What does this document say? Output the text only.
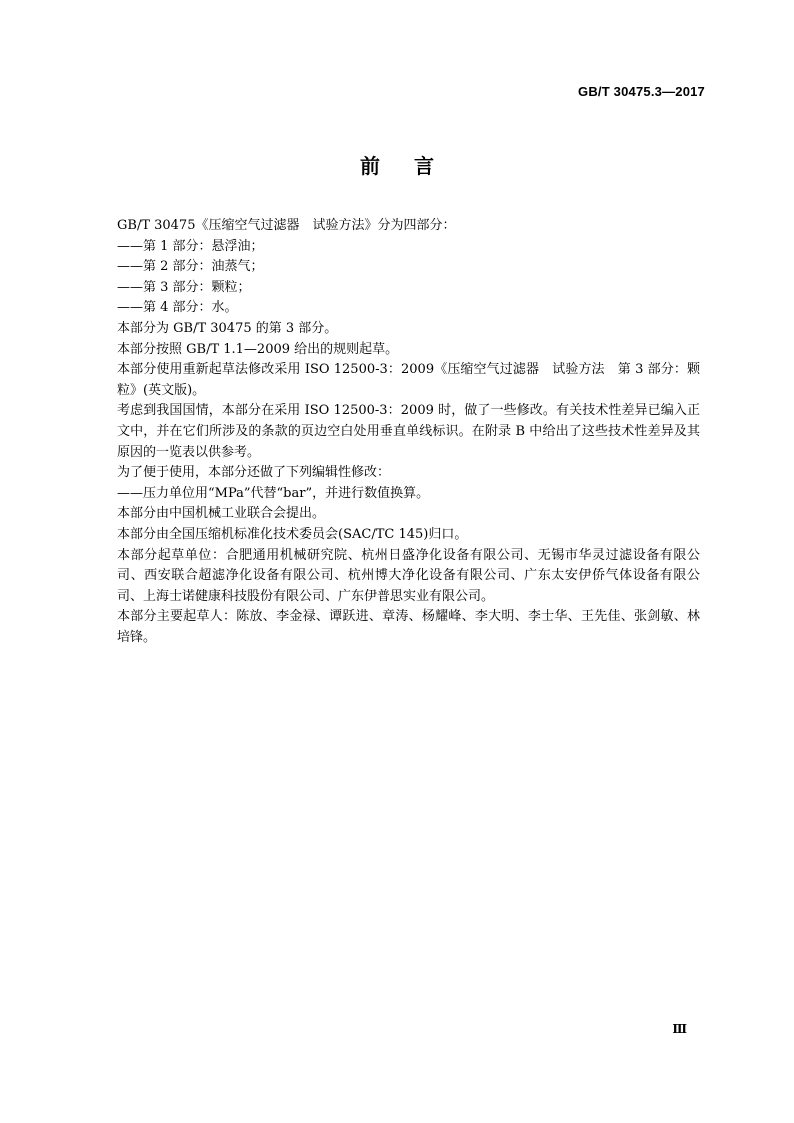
GB/T 30475.3—2017
前言

GB/T 30475《压缩空气过滤器　试验方法》分为四部分：

——第 1 部分：悬浮油；

——第 2 部分：油蒸气；

——第 3 部分：颗粒；

——第 4 部分：水。

本部分为 GB/T 30475 的第 3 部分。

本部分按照 GB/T 1.1—2009 给出的规则起草。

本部分使用重新起草法修改采用 ISO 12500-3：2009《压缩空气过滤器　试验方法　第 3 部分：颗粒》(英文版)。

考虑到我国国情，本部分在采用 ISO 12500-3：2009 时，做了一些修改。有关技术性差异已编入正文中，并在它们所涉及的条款的页边空白处用垂直单线标识。在附录 B 中给出了这些技术性差异及其原因的一览表以供参考。

为了便于使用，本部分还做了下列编辑性修改：

——压力单位用“MPa”代替“bar”，并进行数值换算。

本部分由中国机械工业联合会提出。

本部分由全国压缩机标准化技术委员会(SAC/TC 145)归口。

本部分起草单位：合肥通用机械研究院、杭州日盛净化设备有限公司、无锡市华灵过滤设备有限公司、西安联合超滤净化设备有限公司、杭州博大净化设备有限公司、广东太安伊侨气体设备有限公司、上海士诺健康科技股份有限公司、广东伊普思实业有限公司。

本部分主要起草人：陈放、李金禄、谭跃进、章涛、杨耀峰、李大明、李士华、王先佳、张剑敏、林培锋。

Ⅲ
